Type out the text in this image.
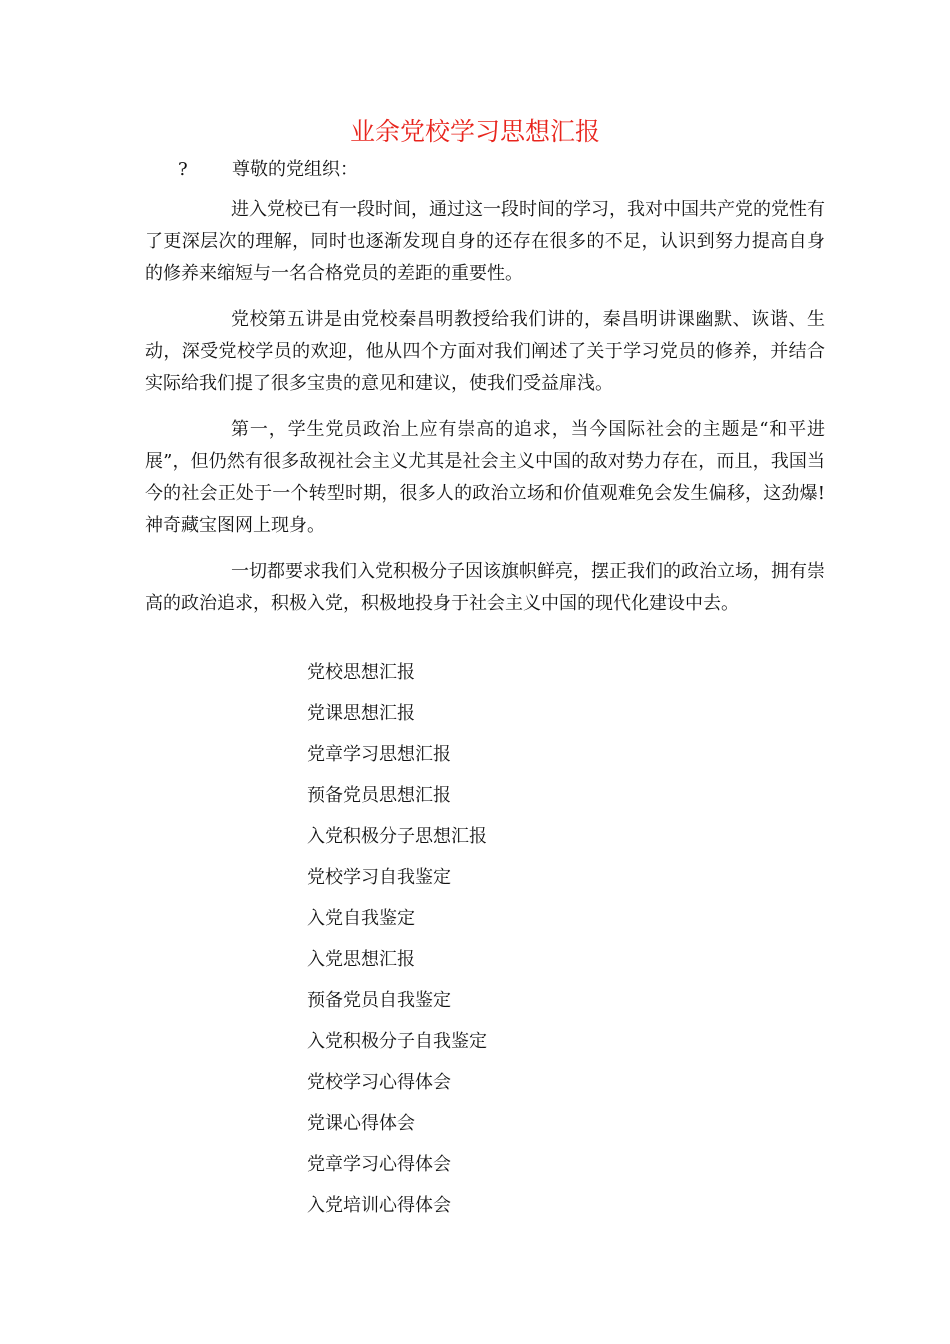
业余党校学习思想汇报
? 尊敬的党组织：

进入党校已有一段时间，通过这一段时间的学习，我对中国共产党的党性有了更深层次的理解，同时也逐渐发现自身的还存在很多的不足，认识到努力提高自身的修养来缩短与一名合格党员的差距的重要性。

党校第五讲是由党校秦昌明教授给我们讲的，秦昌明讲课幽默、诙谐、生动，深受党校学员的欢迎，他从四个方面对我们阐述了关于学习党员的修养，并结合实际给我们提了很多宝贵的意见和建议，使我们受益扉浅。

第一，学生党员政治上应有崇高的追求，当今国际社会的主题是“和平进展”，但仍然有很多敌视社会主义尤其是社会主义中国的敌对势力存在，而且，我国当今的社会正处于一个转型时期，很多人的政治立场和价值观难免会发生偏移，这劲爆!神奇藏宝图网上现身。

一切都要求我们入党积极分子因该旗帜鲜亮，摆正我们的政治立场，拥有崇高的政治追求，积极入党，积极地投身于社会主义中国的现代化建设中去。

党校思想汇报
党课思想汇报
党章学习思想汇报
预备党员思想汇报
入党积极分子思想汇报
党校学习自我鉴定
入党自我鉴定
入党思想汇报
预备党员自我鉴定
入党积极分子自我鉴定
党校学习心得体会
党课心得体会
党章学习心得体会
入党培训心得体会
